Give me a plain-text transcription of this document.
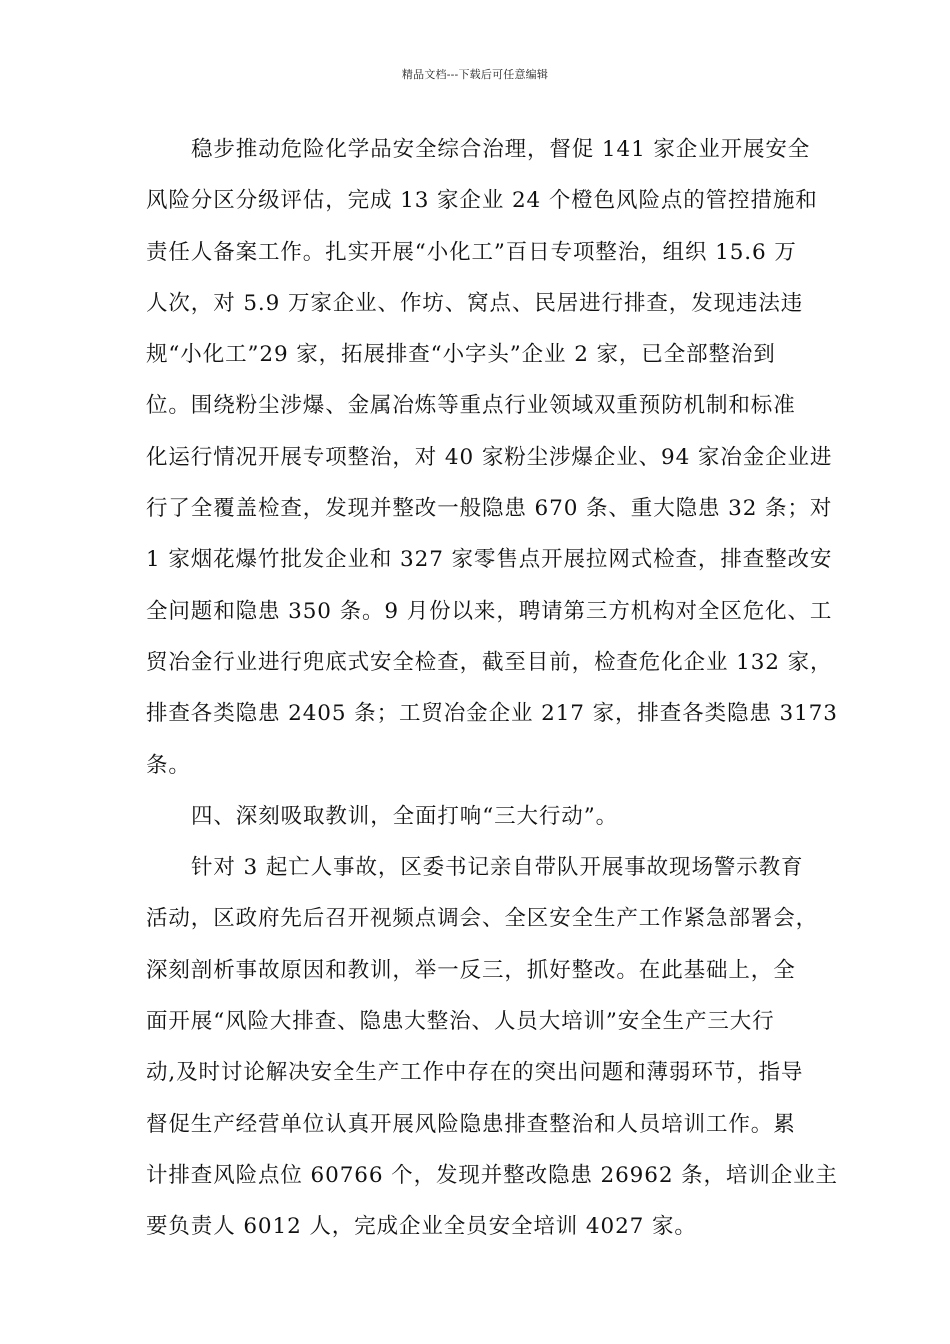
精品文档---下载后可任意编辑
稳步推动危险化学品安全综合治理，督促 141 家企业开展安全
风险分区分级评估，完成 13 家企业 24 个橙色风险点的管控措施和
责任人备案工作。扎实开展“小化工”百日专项整治，组织 15.6 万
人次，对 5.9 万家企业、作坊、窝点、民居进行排查，发现违法违
规“小化工”29 家，拓展排查“小字头”企业 2 家，已全部整治到
位。围绕粉尘涉爆、金属冶炼等重点行业领域双重预防机制和标准
化运行情况开展专项整治，对 40 家粉尘涉爆企业、94 家冶金企业进
行了全覆盖检查，发现并整改一般隐患 670 条、重大隐患 32 条；对
1 家烟花爆竹批发企业和 327 家零售点开展拉网式检查，排查整改安
全问题和隐患 350 条。9 月份以来，聘请第三方机构对全区危化、工
贸冶金行业进行兜底式安全检查，截至目前，检查危化企业 132 家，
排查各类隐患 2405 条；工贸冶金企业 217 家，排查各类隐患 3173
条。
四、深刻吸取教训，全面打响“三大行动”。
针对 3 起亡人事故，区委书记亲自带队开展事故现场警示教育
活动，区政府先后召开视频点调会、全区安全生产工作紧急部署会，
深刻剖析事故原因和教训，举一反三，抓好整改。在此基础上，全
面开展“风险大排查、隐患大整治、人员大培训”安全生产三大行
动,及时讨论解决安全生产工作中存在的突出问题和薄弱环节，指导
督促生产经营单位认真开展风险隐患排查整治和人员培训工作。累
计排查风险点位 60766 个，发现并整改隐患 26962 条，培训企业主
要负责人 6012 人，完成企业全员安全培训 4027 家。
